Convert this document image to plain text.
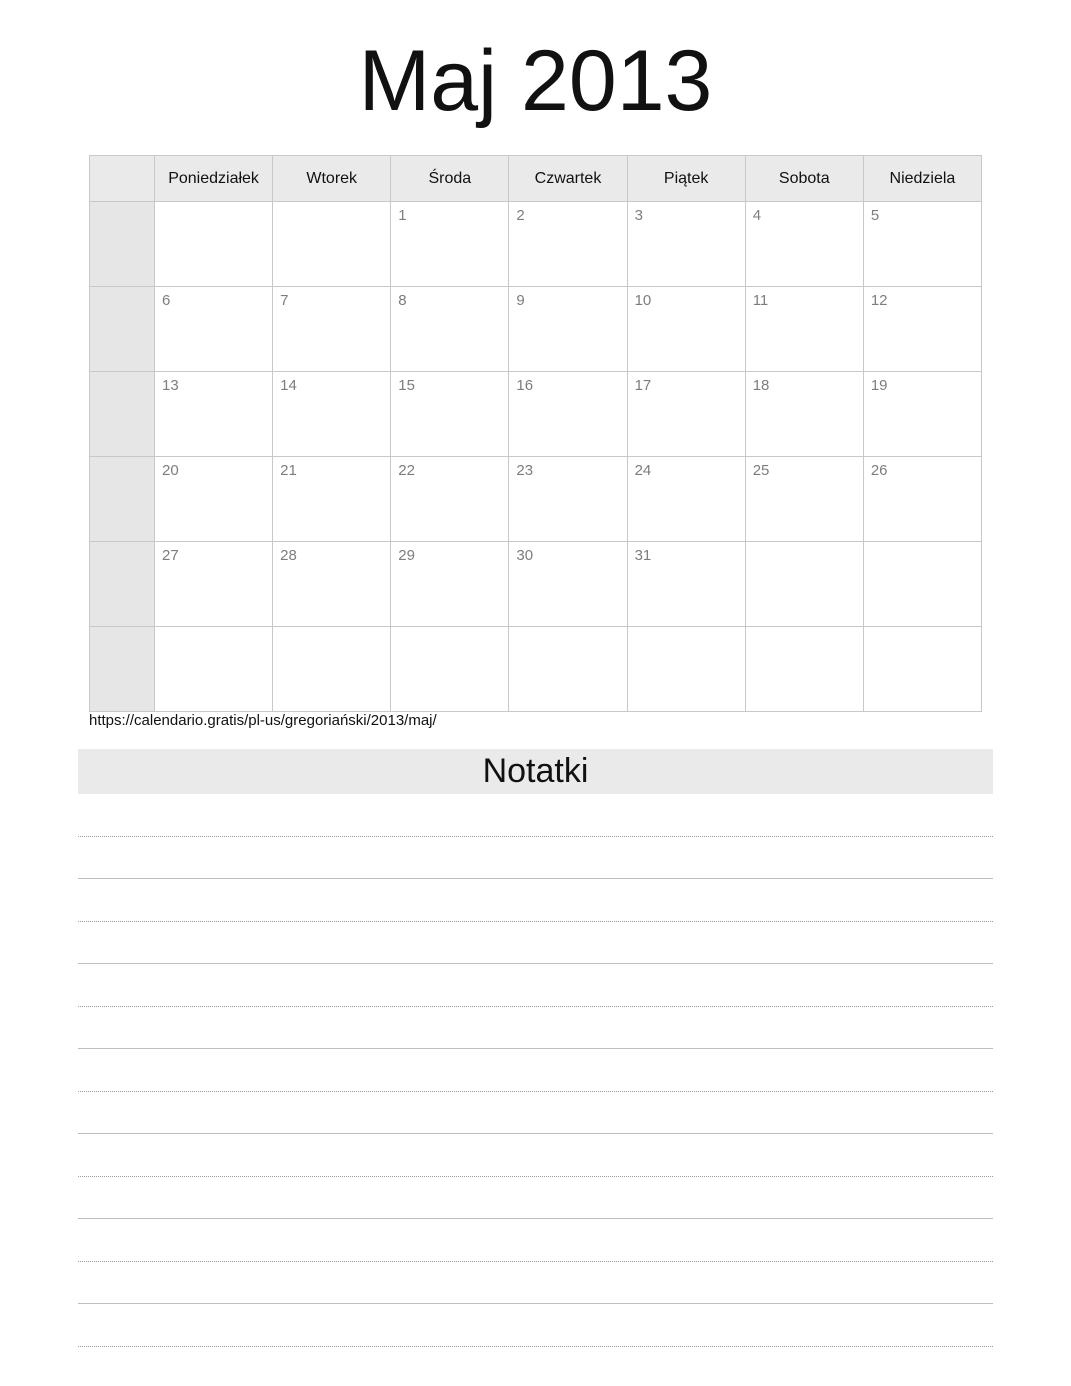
Maj 2013
	Poniedziałek	Wtorek	Środa	Czwartek	Piątek	Sobota	Niedziela

			1	2	3	4	5

	6	7	8	9	10	11	12

	13	14	15	16	17	18	19

	20	21	22	23	24	25	26

	27	28	29	30	31		

https://calendario.gratis/pl-us/gregoriański/2013/maj/
Notatki
